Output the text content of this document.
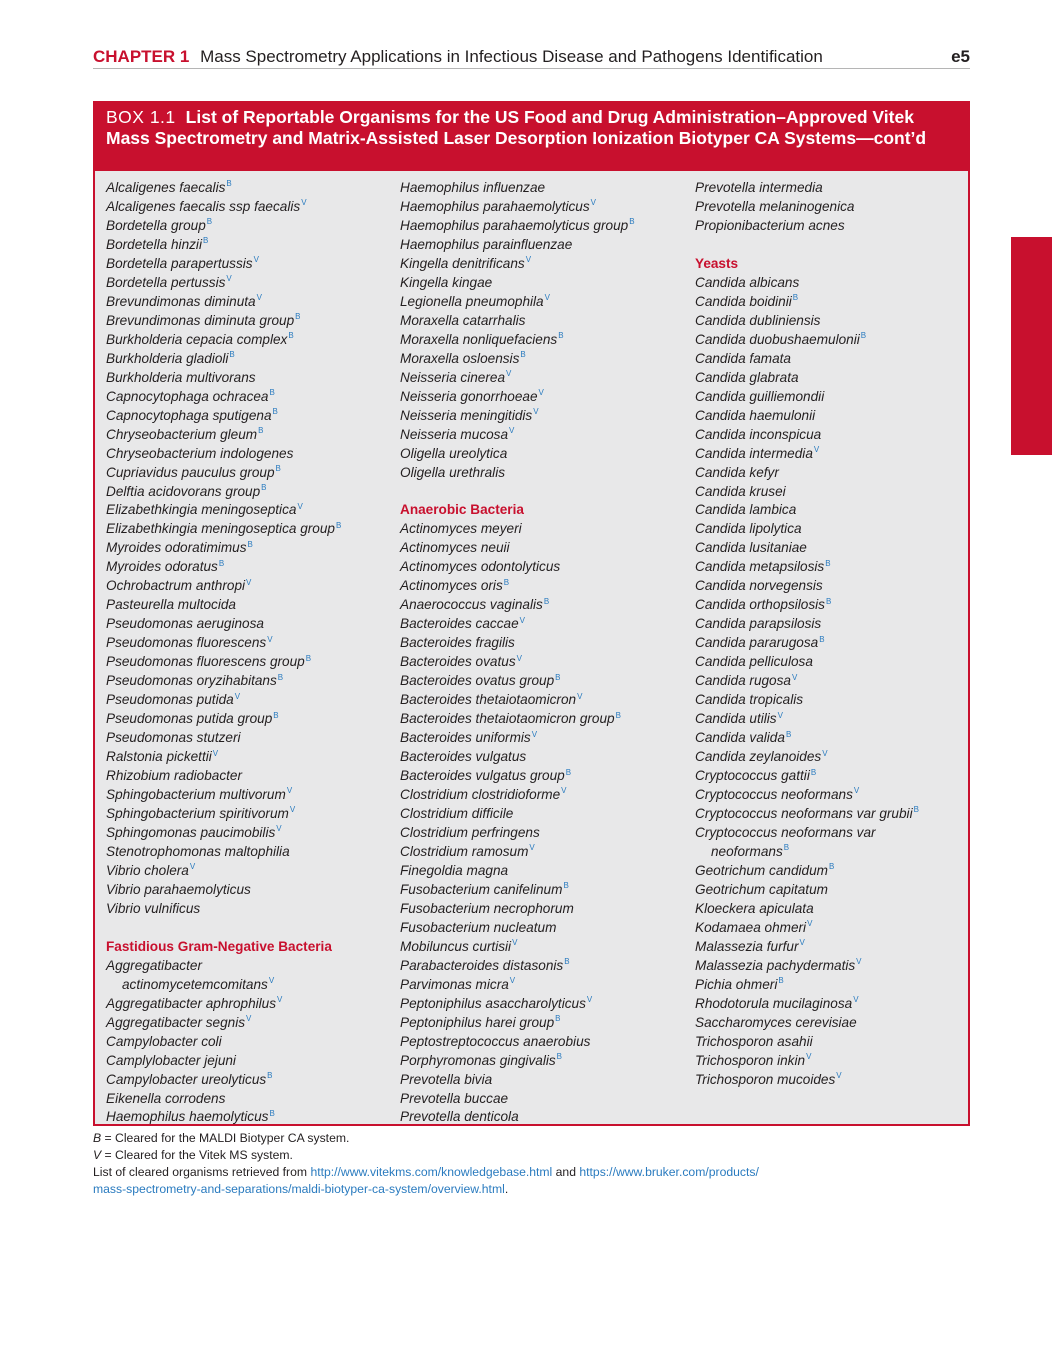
CHAPTER 1 Mass Spectrometry Applications in Infectious Disease and Pathogens Identification	e5
BOX 1.1 List of Reportable Organisms for the US Food and Drug Administration–Approved Vitek Mass Spectrometry and Matrix-Assisted Laser Desorption Ionization Biotyper CA Systems—cont’d
Alcaligenes faecalis$^B$
Alcaligenes faecalis ssp faecalis$^V$
Bordetella group$^B$
Bordetella hinzii$^B$
Bordetella parapertussis$^V$
Bordetella pertussis$^V$
Brevundimonas diminuta$^V$
Brevundimonas diminuta group$^B$
Burkholderia cepacia complex$^B$
Burkholderia gladioli$^B$
Burkholderia multivorans
Capnocytophaga ochracea$^B$
Capnocytophaga sputigena$^B$
Chryseobacterium gleum$^B$
Chryseobacterium indologenes
Cupriavidus pauculus group$^B$
Delftia acidovorans group$^B$
Elizabethkingia meningoseptica$^V$
Elizabethkingia meningoseptica group$^B$
Myroides odoratimimus$^B$
Myroides odoratus$^B$
Ochrobactrum anthropi$^V$
Pasteurella multocida
Pseudomonas aeruginosa
Pseudomonas fluorescens$^V$
Pseudomonas fluorescens group$^B$
Pseudomonas oryzihabitans$^B$
Pseudomonas putida$^V$
Pseudomonas putida group$^B$
Pseudomonas stutzeri
Ralstonia pickettii$^V$
Rhizobium radiobacter
Sphingobacterium multivorum$^V$
Sphingobacterium spiritivorum$^V$
Sphingomonas paucimobilis$^V$
Stenotrophomonas maltophilia
Vibrio cholera$^V$
Vibrio parahaemolyticus
Vibrio vulnificus
Fastidious Gram-Negative Bacteria
Aggregatibacter
actinomycetemcomitans$^V$
Aggregatibacter aphrophilus$^V$
Aggregatibacter segnis$^V$
Campylobacter coli
Camplylobacter jejuni
Campylobacter ureolyticus$^B$
Eikenella corrodens
Haemophilus haemolyticus$^B$
Haemophilus influenzae
Haemophilus parahaemolyticus$^V$
Haemophilus parahaemolyticus group$^B$
Haemophilus parainfluenzae
Kingella denitrificans$^V$
Kingella kingae
Legionella pneumophila$^V$
Moraxella catarrhalis
Moraxella nonliquefaciens$^B$
Moraxella osloensis$^B$
Neisseria cinerea$^V$
Neisseria gonorrhoeae$^V$
Neisseria meningitidis$^V$
Neisseria mucosa$^V$
Oligella ureolytica
Oligella urethralis
Anaerobic Bacteria
Actinomyces meyeri
Actinomyces neuii
Actinomyces odontolyticus
Actinomyces oris$^B$
Anaerococcus vaginalis$^B$
Bacteroides caccae$^V$
Bacteroides fragilis
Bacteroides ovatus$^V$
Bacteroides ovatus group$^B$
Bacteroides thetaiotaomicron$^V$
Bacteroides thetaiotaomicron group$^B$
Bacteroides uniformis$^V$
Bacteroides vulgatus
Bacteroides vulgatus group$^B$
Clostridium clostridioforme$^V$
Clostridium difficile
Clostridium perfringens
Clostridium ramosum$^V$
Finegoldia magna
Fusobacterium canifelinum$^B$
Fusobacterium necrophorum
Fusobacterium nucleatum
Mobiluncus curtisii$^V$
Parabacteroides distasonis$^B$
Parvimonas micra$^V$
Peptoniphilus asaccharolyticus$^V$
Peptoniphilus harei group$^B$
Peptostreptococcus anaerobius
Porphyromonas gingivalis$^B$
Prevotella bivia
Prevotella buccae
Prevotella denticola
Prevotella intermedia
Prevotella melaninogenica
Propionibacterium acnes
Yeasts
Candida albicans
Candida boidinii$^B$
Candida dubliniensis
Candida duobushaemulonii$^B$
Candida famata
Candida glabrata
Candida guilliemondii
Candida haemulonii
Candida inconspicua
Candida intermedia$^V$
Candida kefyr
Candida krusei
Candida lambica
Candida lipolytica
Candida lusitaniae
Candida metapsilosis$^B$
Candida norvegensis
Candida orthopsilosis$^B$
Candida parapsilosis
Candida pararugosa$^B$
Candida pelliculosa
Candida rugosa$^V$
Candida tropicalis
Candida utilis$^V$
Candida valida$^B$
Candida zeylanoides$^V$
Cryptococcus gattii$^B$
Cryptococcus neoformans$^V$
Cryptococcus neoformans var grubii$^B$
Cryptococcus neoformans var
neoformans$^B$
Geotrichum candidum$^B$
Geotrichum capitatum
Kloeckera apiculata
Kodamaea ohmeri$^V$
Malassezia furfur$^V$
Malassezia pachydermatis$^V$
Pichia ohmeri$^B$
Rhodotorula mucilaginosa$^V$
Saccharomyces cerevisiae
Trichosporon asahii
Trichosporon inkin$^V$
Trichosporon mucoides$^V$
B = Cleared for the MALDI Biotyper CA system.
V = Cleared for the Vitek MS system.
List of cleared organisms retrieved from http://www.vitekms.com/knowledgebase.html and https://www.bruker.com/products/
mass-spectrometry-and-separations/maldi-biotyper-ca-system/overview.html.
